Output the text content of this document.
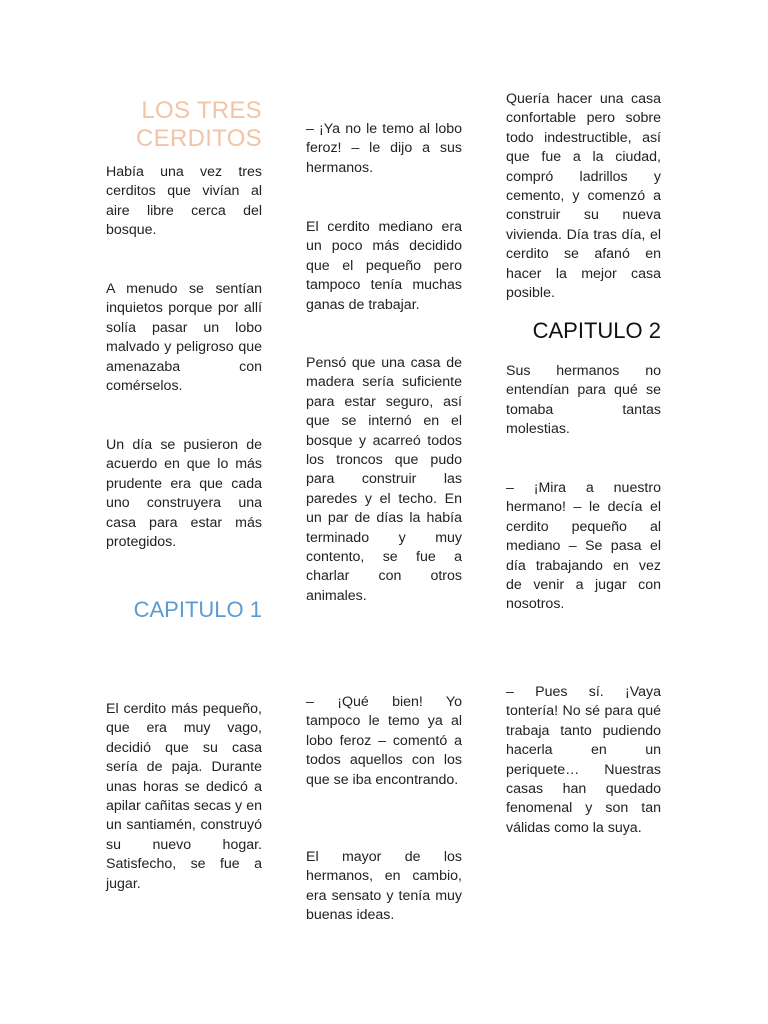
LOS TRES

CERDITOS

Había una vez tres cerditos que vivían al aire libre cerca del bosque.

A menudo se sentían inquietos porque por allí solía pasar un lobo malvado y peligroso que amenazaba con comérselos.

Un día se pusieron de acuerdo en que lo más prudente era que cada uno construyera una casa para estar más protegidos.

CAPITULO 1

El cerdito más pequeño, que era muy vago, decidió que su casa sería de paja. Durante unas horas se dedicó a apilar cañitas secas y en un santiamén, construyó su nuevo hogar. Satisfecho, se fue a jugar.

– ¡Ya no le temo al lobo feroz! – le dijo a sus hermanos.

El cerdito mediano era un poco más decidido que el pequeño pero tampoco tenía muchas ganas de trabajar.

Pensó que una casa de madera sería suficiente para estar seguro, así que se internó en el bosque y acarreó todos los troncos que pudo para construir las paredes y el techo. En un par de días la había terminado y muy contento, se fue a charlar con otros animales.

– ¡Qué bien! Yo tampoco le temo ya al lobo feroz – comentó a todos aquellos con los que se iba encontrando.

El mayor de los hermanos, en cambio, era sensato y tenía muy buenas ideas.

Quería hacer una casa confortable pero sobre todo indestructible, así que fue a la ciudad, compró ladrillos y cemento, y comenzó a construir su nueva vivienda. Día tras día, el cerdito se afanó en hacer la mejor casa posible.

CAPITULO 2

Sus hermanos no entendían para qué se tomaba tantas molestias.

– ¡Mira a nuestro hermano! – le decía el cerdito pequeño al mediano – Se pasa el día trabajando en vez de venir a jugar con nosotros.

– Pues sí. ¡Vaya tontería! No sé para qué trabaja tanto pudiendo hacerla en un periquete… Nuestras casas han quedado fenomenal y son tan válidas como la suya.
